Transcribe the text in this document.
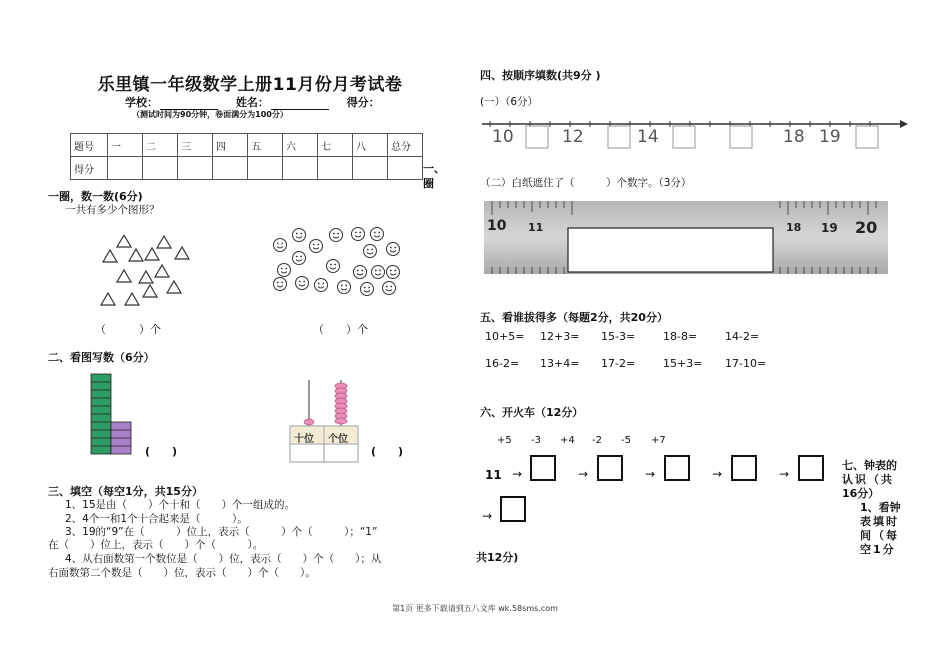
乐里镇一年级数学上册11月份月考试卷
学校：	姓名：	得分：
（测试时间为90分钟，卷面满分为100分）
题号	一	二	三	四	五	六	七	八	总分
得分										一、
圈
一圈，数一数(6分)
一共有多少个图形？
（　　　）个	（　　）个
二、看图写数（6分）
(　　)
十位 个位
(　　)
三、填空（每空1分，共15分）
1、15是由（　　）个十和（　　）个一组成的。
2、4个一和1个十合起来是（　　　）。
3、19的“9”在（　　　）位上，表示（　　　）个（　　　）；“1”
在（　　）位上，表示（　　）个（　　　）。
4、从右面数第一个数位是（　　）位，表示（　　）个（　　）；从
右面数第二个数是（　　）位，表示（　　）个（　　）。
四、按顺序填数(共9分 )
(一）（6分）
10	12	14	18 19
（二）白纸遮住了（　　　）个数字。（3分）
10 11	18 19 20
五、看谁拔得多（每题2分，共20分）
10+5= 12+3= 15-3=	18-8=	14-2=
16-2= 13+4= 17-2=	15+3= 17-10=
六、开火车（12分）
+5 -3 +4 -2 -5 +7
11 →	→	→	→	→
→
七、钟表的
认识（共
16分）
1、看钟
表填时
间（每
空1分
共12分)
第1页 更多下载请到五八文库 wk.58sms.com
